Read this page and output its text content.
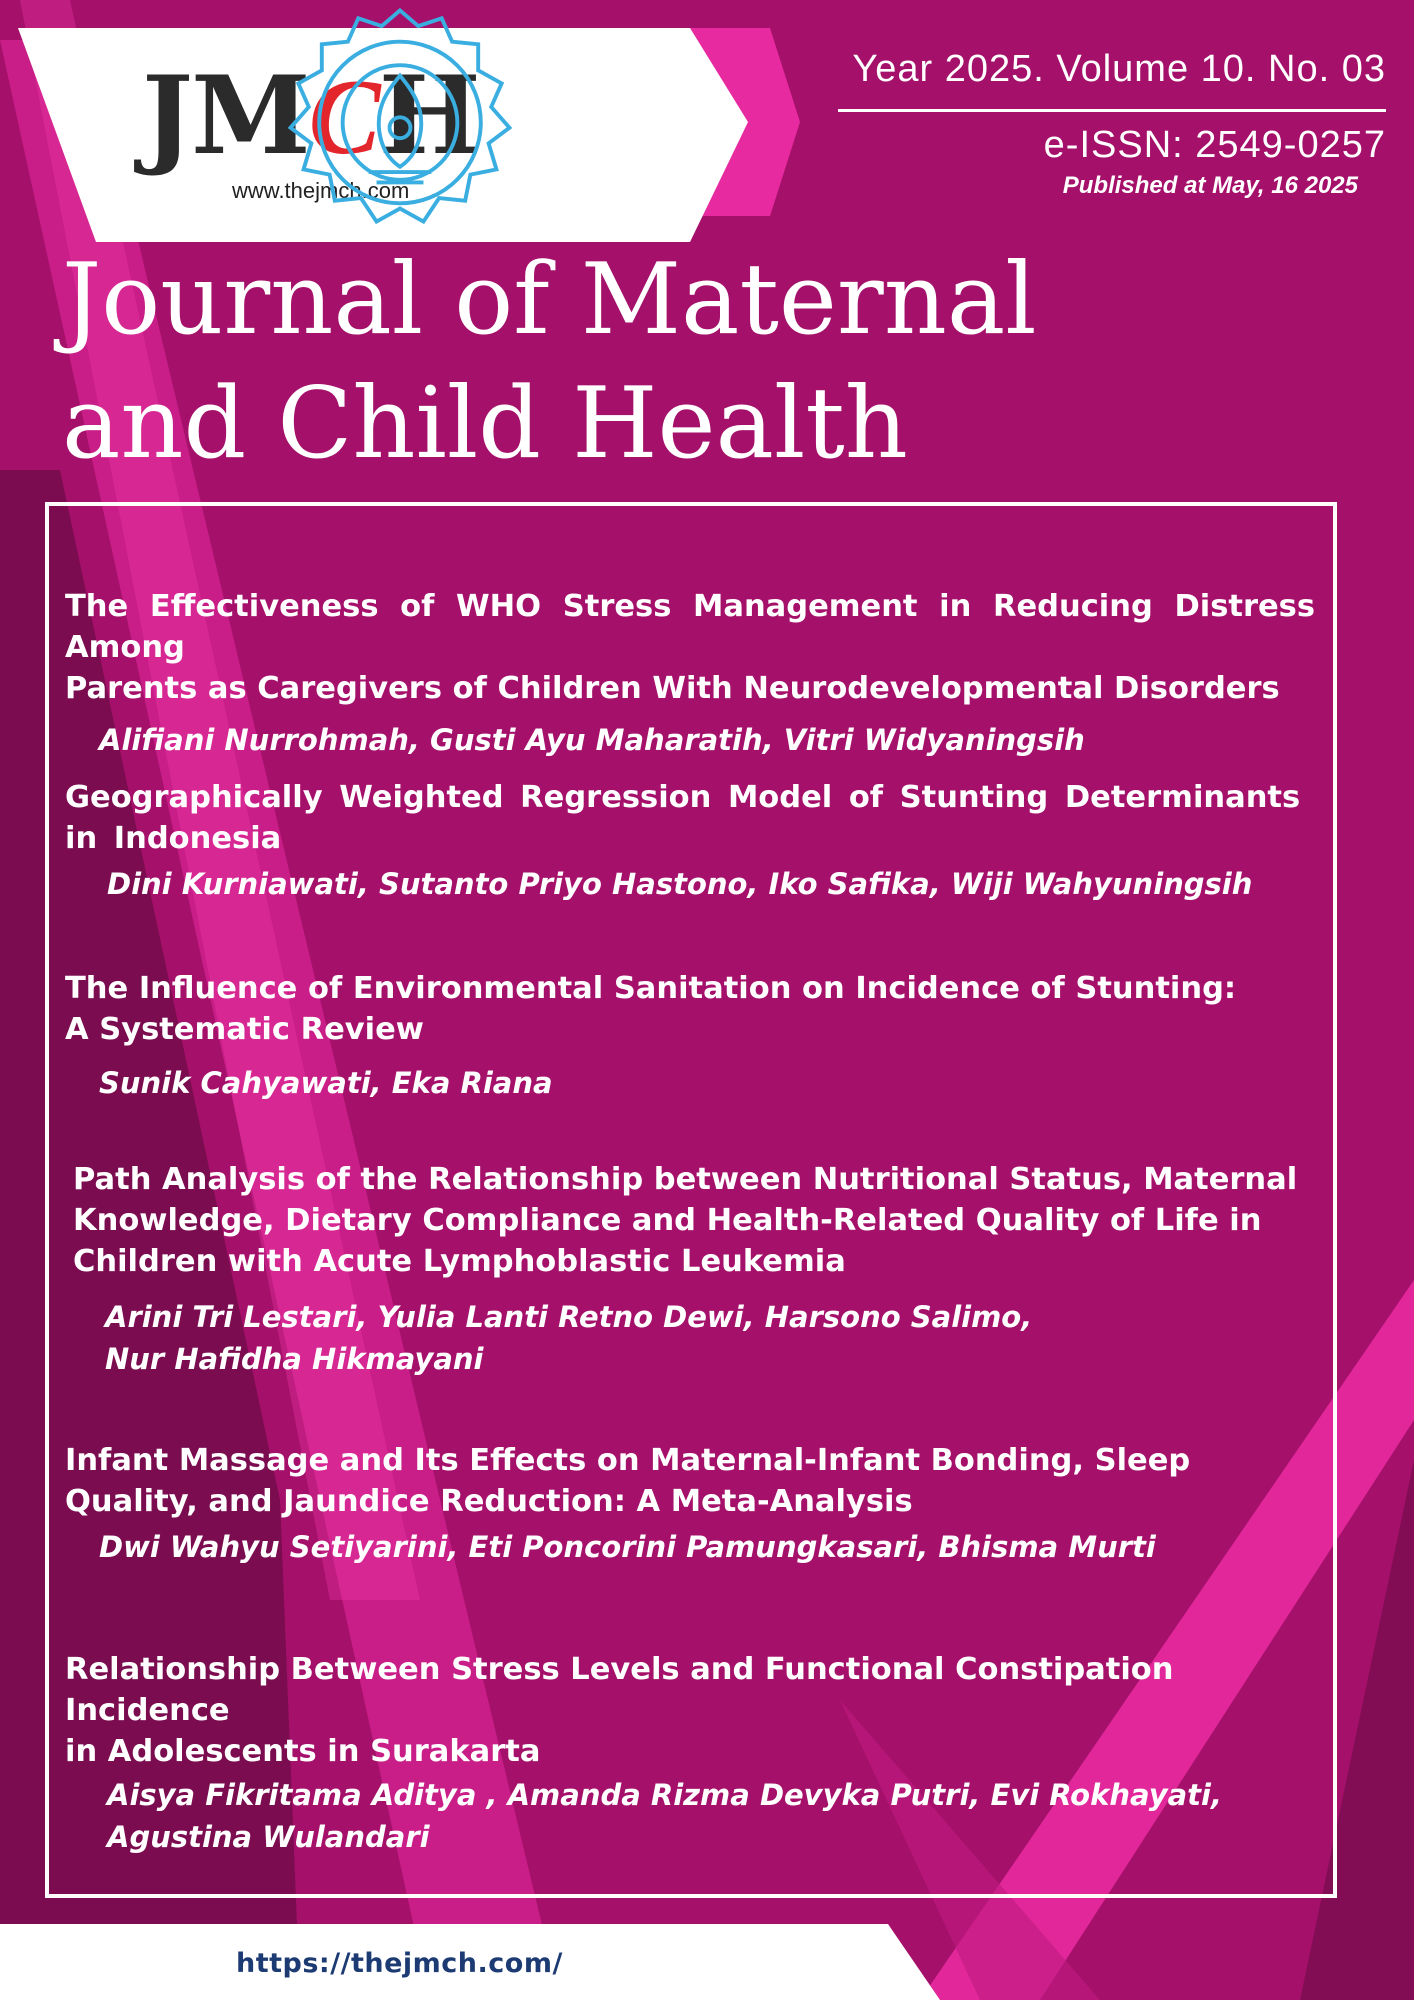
JMCH
www.thejmch.com
Year 2025. Volume 10. No. 03
e-ISSN: 2549-0257
Published at May, 16 2025
Journal of Maternal
and Child Health

The Effectiveness of WHO Stress Management in Reducing Distress Among
Parents as Caregivers of Children With Neurodevelopmental Disorders

Alifiani Nurrohmah, Gusti Ayu Maharatih, Vitri Widyaningsih

Geographically Weighted Regression Model of Stunting Determinants
in Indonesia

Dini Kurniawati, Sutanto Priyo Hastono, Iko Safika, Wiji Wahyuningsih

The Influence of Environmental Sanitation on Incidence of Stunting:
A Systematic Review

Sunik Cahyawati, Eka Riana

Path Analysis of the Relationship between Nutritional Status, Maternal
Knowledge, Dietary Compliance and Health-Related Quality of Life in
Children with Acute Lymphoblastic Leukemia

Arini Tri Lestari, Yulia Lanti Retno Dewi, Harsono Salimo,
Nur Hafidha Hikmayani

Infant Massage and Its Effects on Maternal-Infant Bonding, Sleep
Quality, and Jaundice Reduction: A Meta-Analysis

Dwi Wahyu Setiyarini, Eti Poncorini Pamungkasari, Bhisma Murti

Relationship Between Stress Levels and Functional Constipation Incidence
in Adolescents in Surakarta

Aisya Fikritama Aditya , Amanda Rizma Devyka Putri, Evi Rokhayati,
Agustina Wulandari

https://thejmch.com/
